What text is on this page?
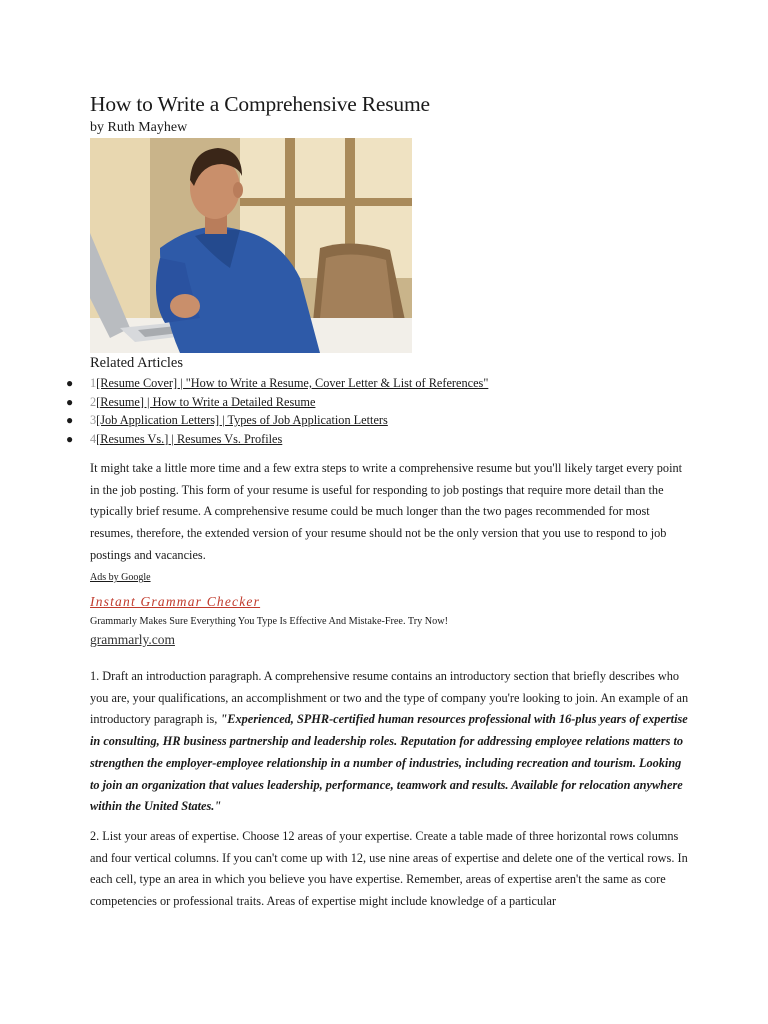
How to Write a Comprehensive Resume
by Ruth Mayhew
Related Articles
● 1[Resume Cover] | "How to Write a Resume, Cover Letter & List of References"
● 2[Resume] | How to Write a Detailed Resume
● 3[Job Application Letters] | Types of Job Application Letters
● 4[Resumes Vs.] | Resumes Vs. Profiles

It might take a little more time and a few extra steps to write a comprehensive resume but you'll likely target every point in the job posting. This form of your resume is useful for responding to job postings that require more detail than the typically brief resume. A comprehensive resume could be much longer than the two pages recommended for most resumes, therefore, the extended version of your resume should not be the only version that you use to respond to job postings and vacancies.

Ads by Google
Instant Grammar Checker
Grammarly Makes Sure Everything You Type Is Effective And Mistake-Free. Try Now!
grammarly.com

1. Draft an introduction paragraph. A comprehensive resume contains an introductory section that briefly describes who you are, your qualifications, an accomplishment or two and the type of company you're looking to join. An example of an introductory paragraph is, "Experienced, SPHR-certified human resources professional with 16-plus years of expertise in consulting, HR business partnership and leadership roles. Reputation for addressing employee relations matters to strengthen the employer-employee relationship in a number of industries, including recreation and tourism. Looking to join an organization that values leadership, performance, teamwork and results. Available for relocation anywhere within the United States."

2. List your areas of expertise. Choose 12 areas of your expertise. Create a table made of three horizontal rows columns and four vertical columns. If you can't come up with 12, use nine areas of expertise and delete one of the vertical rows. In each cell, type an area in which you believe you have expertise. Remember, areas of expertise aren't the same as core competencies or professional traits. Areas of expertise might include knowledge of a particular
